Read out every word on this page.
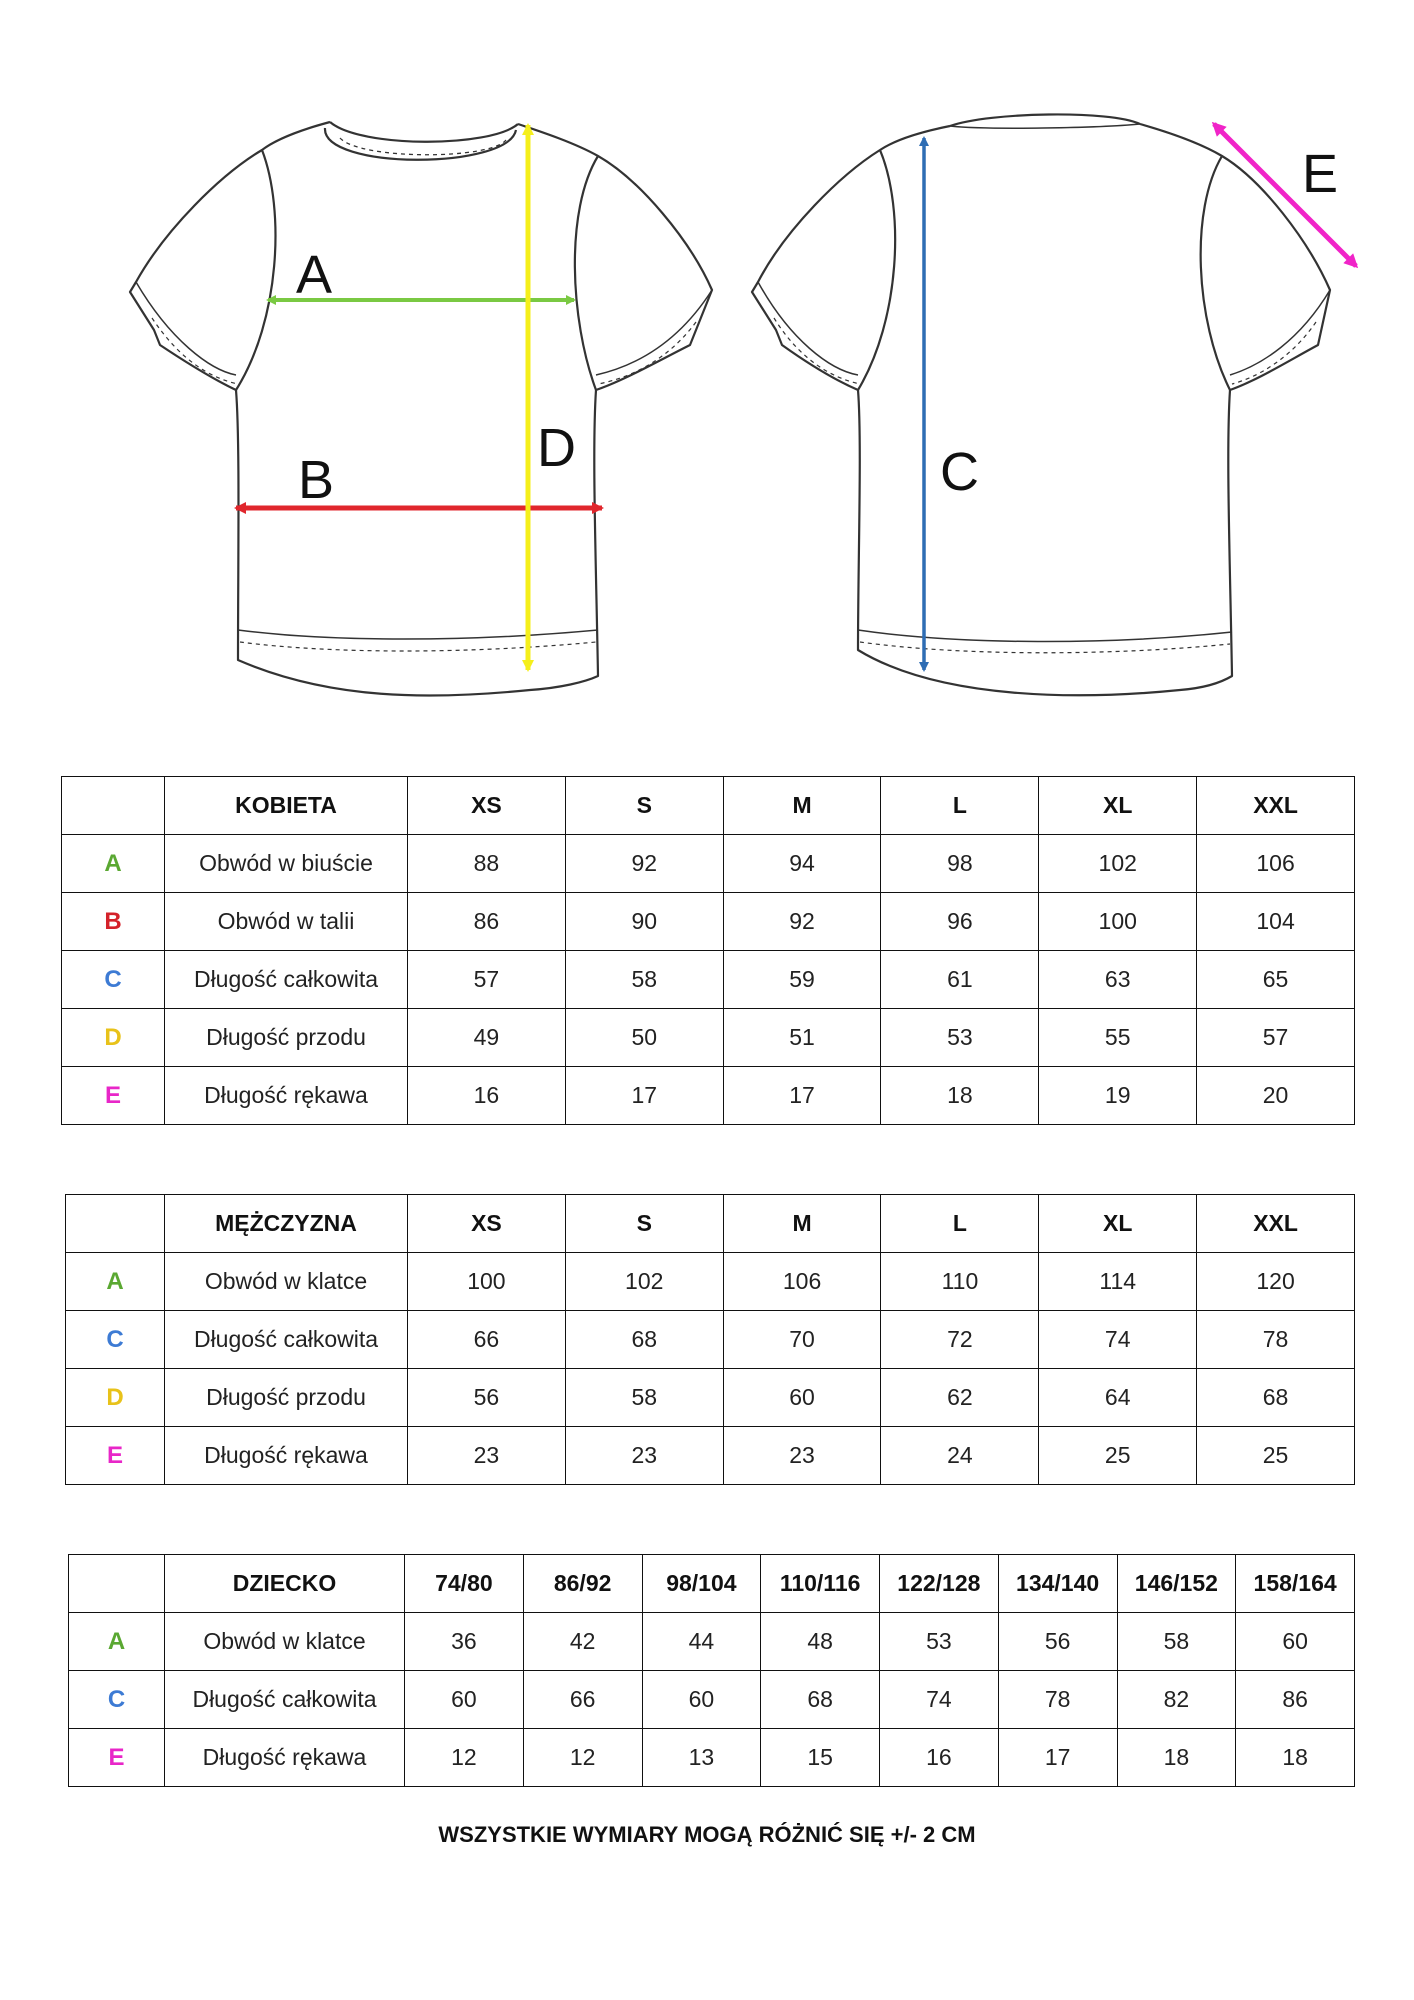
A
B
D	C
E
	KOBIETA	XS	S	M	L	XL	XXL
A	Obwód w biuście	88	92	94	98	102	106
B	Obwód w talii	86	90	92	96	100	104
C	Długość całkowita	57	58	59	61	63	65
D	Długość przodu	49	50	51	53	55	57
E	Długość rękawa	16	17	17	18	19	20
	MĘŻCZYZNA	XS	S	M	L	XL	XXL
A	Obwód w klatce	100	102	106	110	114	120
C	Długość całkowita	66	68	70	72	74	78
D	Długość przodu	56	58	60	62	64	68
E	Długość rękawa	23	23	23	24	25	25
	DZIECKO	74/80	86/92	98/104	110/116	122/128	134/140	146/152	158/164
A	Obwód w klatce	36	42	44	48	53	56	58	60
C	Długość całkowita	60	66	60	68	74	78	82	86
E	Długość rękawa	12	12	13	15	16	17	18	18
WSZYSTKIE WYMIARY MOGĄ RÓŻNIĆ SIĘ +/- 2 CM
